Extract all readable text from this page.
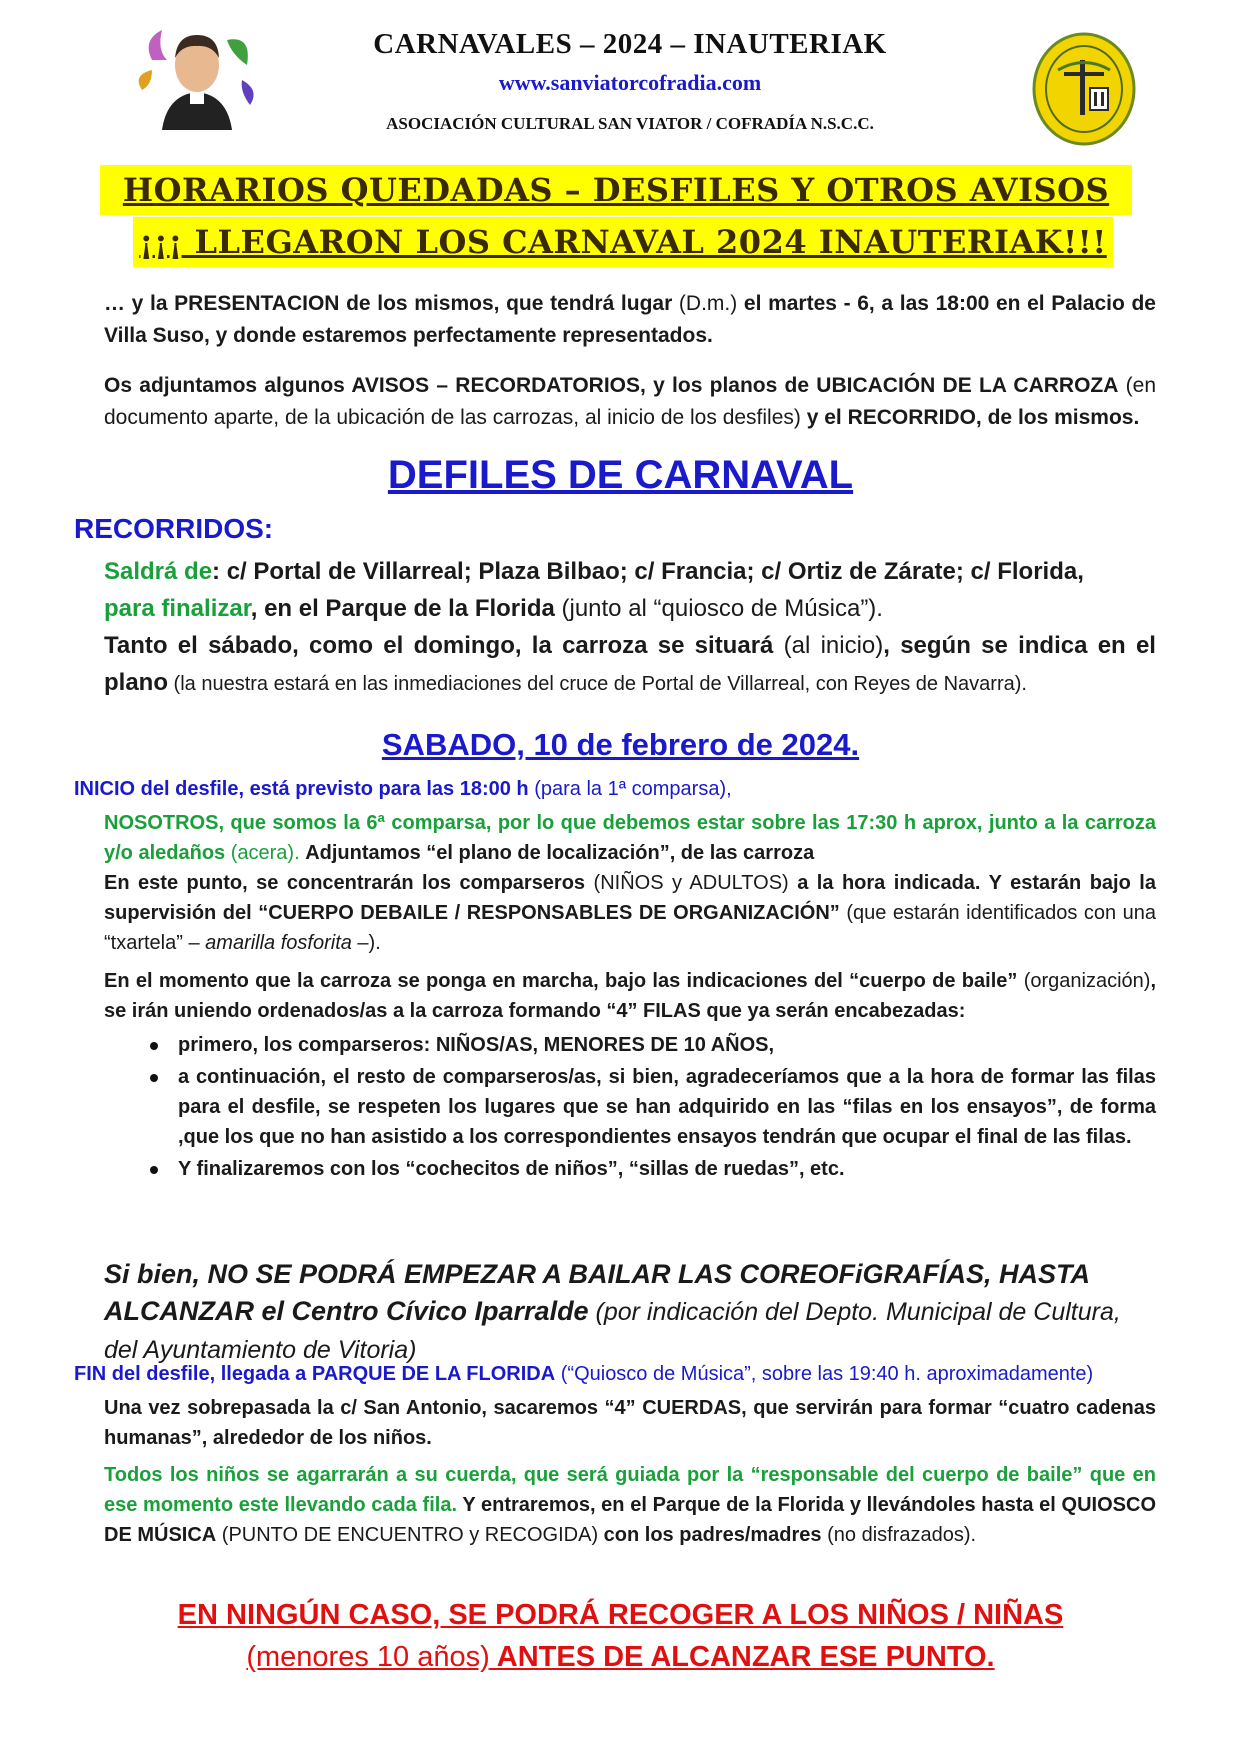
CARNAVALES – 2024 – INAUTERIAK
www.sanviatorcofradia.com
ASOCIACIÓN CULTURAL SAN VIATOR / COFRADÍA N.S.C.C.
HORARIOS QUEDADAS – DESFILES Y OTROS AVISOS
¡¡¡ LLEGARON LOS CARNAVAL 2024 INAUTERIAK!!!
… y la PRESENTACION de los mismos, que tendrá lugar (D.m.) el martes - 6, a las 18:00 en el Palacio de Villa Suso, y donde estaremos perfectamente representados.
Os adjuntamos algunos AVISOS – RECORDATORIOS, y los planos de UBICACIÓN DE LA CARROZA (en documento aparte, de la ubicación de las carrozas, al inicio de los desfiles) y el RECORRIDO, de los mismos.
DEFILES DE CARNAVAL
RECORRIDOS:
Saldrá de: c/ Portal de Villarreal; Plaza Bilbao; c/ Francia; c/ Ortiz de Zárate; c/ Florida,
para finalizar, en el Parque de la Florida (junto al “quiosco de Música”).
Tanto el sábado, como el domingo, la carroza se situará (al inicio), según se indica en el plano (la nuestra estará en las inmediaciones del cruce de Portal de Villarreal, con Reyes de Navarra).
SABADO, 10 de febrero de 2024.
INICIO del desfile, está previsto para las 18:00 h (para la 1ª comparsa),
NOSOTROS, que somos la 6ª comparsa, por lo que debemos estar sobre las 17:30 h aprox, junto a la carroza y/o aledaños (acera). Adjuntamos “el plano de localización”, de las carroza
En este punto, se concentrarán los comparseros (NIÑOS y ADULTOS) a la hora indicada. Y estarán bajo la supervisión del “CUERPO DEBAILE / RESPONSABLES DE ORGANIZACIÓN” (que estarán identificados con una “txartela” – amarilla fosforita –).
En el momento que la carroza se ponga en marcha, bajo las indicaciones del “cuerpo de baile” (organización), se irán uniendo ordenados/as a la carroza formando “4” FILAS que ya serán encabezadas:
primero, los comparseros: NIÑOS/AS, MENORES DE 10 AÑOS,
a continuación, el resto de comparseros/as, si bien, agradeceríamos que a la hora de formar las filas para el desfile, se respeten los lugares que se han adquirido en las “filas en los ensayos”, de forma ,que los que no han asistido a los correspondientes ensayos tendrán que ocupar el final de las filas.
Y finalizaremos con los “cochecitos de niños”, “sillas de ruedas”, etc.
Si bien, NO SE PODRÁ EMPEZAR A BAILAR LAS COREOFiGRAFÍAS, HASTA ALCANZAR el Centro Cívico Iparralde (por indicación del Depto. Municipal de Cultura, del Ayuntamiento de Vitoria)
FIN del desfile, llegada a PARQUE DE LA FLORIDA (“Quiosco de Música”, sobre las 19:40 h. aproximadamente)
Una vez sobrepasada la c/ San Antonio, sacaremos “4” CUERDAS, que servirán para formar “cuatro cadenas humanas”, alrededor de los niños.
Todos los niños se agarrarán a su cuerda, que será guiada por la “responsable del cuerpo de baile” que en ese momento este llevando cada fila. Y entraremos, en el Parque de la Florida y llevándoles hasta el QUIOSCO DE MÚSICA (PUNTO DE ENCUENTRO y RECOGIDA) con los padres/madres (no disfrazados).
EN NINGÚN CASO, SE PODRÁ RECOGER A LOS NIÑOS / NIÑAS
(menores 10 años) ANTES DE ALCANZAR ESE PUNTO.
